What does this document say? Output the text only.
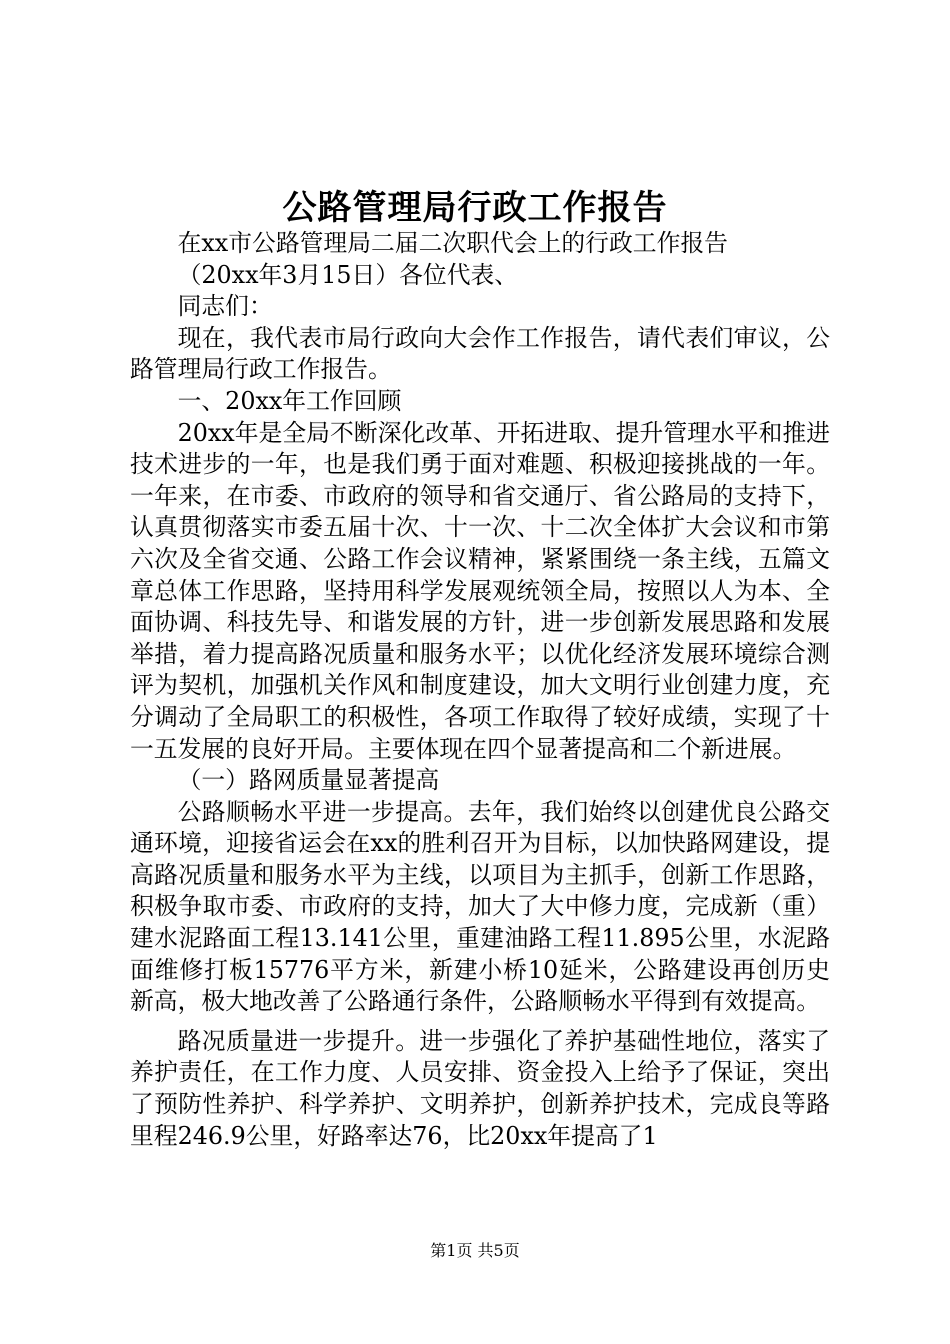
公路管理局行政工作报告

在xx市公路管理局二届二次职代会上的行政工作报告

（20xx年3月15日）各位代表、

同志们：

现在，我代表市局行政向大会作工作报告，请代表们审议，公路管理局行政工作报告。

一、20xx年工作回顾

20xx年是全局不断深化改革、开拓进取、提升管理水平和推进技术进步的一年，也是我们勇于面对难题、积极迎接挑战的一年。一年来，在市委、市政府的领导和省交通厅、省公路局的支持下，认真贯彻落实市委五届十次、十一次、十二次全体扩大会议和市第六次及全省交通、公路工作会议精神，紧紧围绕一条主线，五篇文章总体工作思路，坚持用科学发展观统领全局，按照以人为本、全面协调、科技先导、和谐发展的方针，进一步创新发展思路和发展举措，着力提高路况质量和服务水平；以优化经济发展环境综合测评为契机，加强机关作风和制度建设，加大文明行业创建力度，充分调动了全局职工的积极性，各项工作取得了较好成绩，实现了十一五发展的良好开局。主要体现在四个显著提高和二个新进展。

（一）路网质量显著提高

公路顺畅水平进一步提高。去年，我们始终以创建优良公路交通环境，迎接省运会在xx的胜利召开为目标，以加快路网建设，提高路况质量和服务水平为主线，以项目为主抓手，创新工作思路，积极争取市委、市政府的支持，加大了大中修力度，完成新（重）建水泥路面工程13.141公里，重建油路工程11.895公里，水泥路面维修打板15776平方米，新建小桥10延米，公路建设再创历史新高，极大地改善了公路通行条件，公路顺畅水平得到有效提高。

路况质量进一步提升。进一步强化了养护基础性地位，落实了养护责任，在工作力度、人员安排、资金投入上给予了保证，突出了预防性养护、科学养护、文明养护，创新养护技术，完成良等路里程246.9公里，好路率达76，比20xx年提高了1

第1页 共5页
